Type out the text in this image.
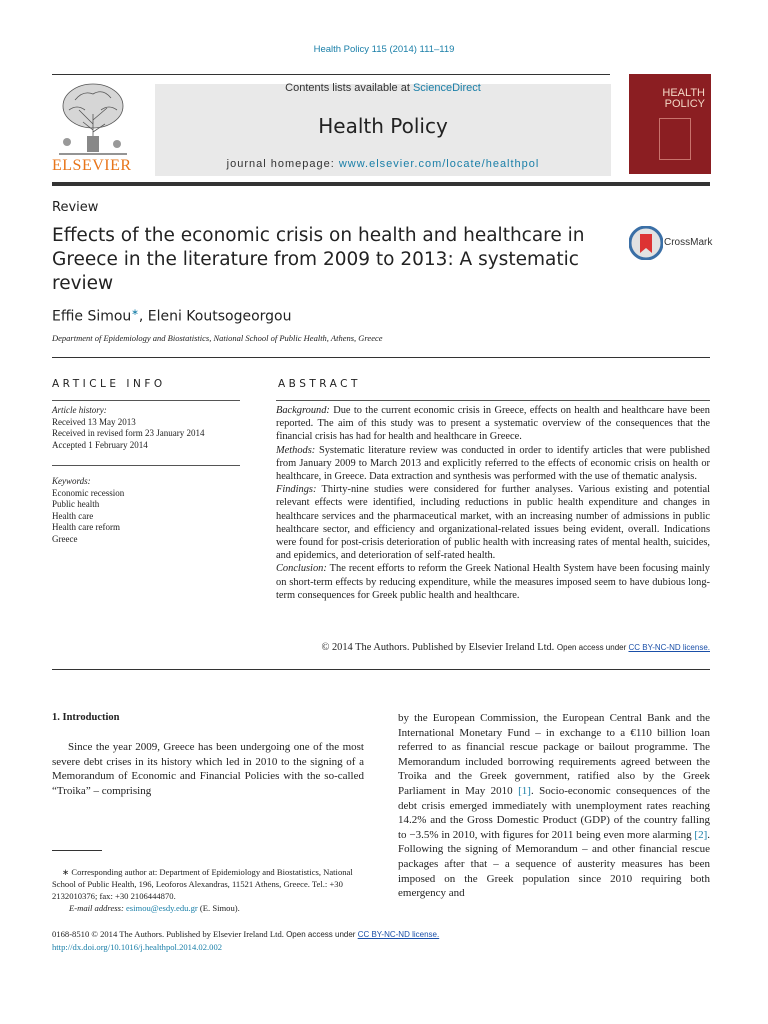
Health Policy 115 (2014) 111–119
ELSEVIER
Contents lists available at ScienceDirect
Health Policy
journal homepage: www.elsevier.com/locate/healthpol
HEALTH
POLICY
Review
Effects of the economic crisis on health and healthcare in Greece in the literature from 2009 to 2013: A systematic review
CrossMark
Effie Simou∗, Eleni Koutsogeorgou
Department of Epidemiology and Biostatistics, National School of Public Health, Athens, Greece
ARTICLE INFO
Article history:
Received 13 May 2013
Received in revised form 23 January 2014
Accepted 1 February 2014
Keywords:
Economic recession
Public health
Health care
Health care reform
Greece
ABSTRACT

Background: Due to the current economic crisis in Greece, effects on health and healthcare have been reported. The aim of this study was to present a systematic overview of the consequences that the financial crisis has had for health and healthcare in Greece.

Methods: Systematic literature review was conducted in order to identify articles that were published from January 2009 to March 2013 and explicitly referred to the effects of economic crisis on health or healthcare, in Greece. Data extraction and synthesis was performed with the use of thematic analysis.

Findings: Thirty-nine studies were considered for further analyses. Various existing and potential relevant effects were identified, including reductions in public health expenditure and changes in healthcare services and the pharmaceutical market, with an increasing number of admissions in public healthcare sector, and efficiency and organizational-related issues being evident, overall. Indications were found for post-crisis deterioration of public health with increasing rates of mental health, suicides, and epidemics, and deterioration of self-rated health.

Conclusion: The recent efforts to reform the Greek National Health System have been focusing mainly on short-term effects by reducing expenditure, while the measures imposed seem to have dubious long-term consequences for Greek public health and healthcare.

© 2014 The Authors. Published by Elsevier Ireland Ltd. Open access under CC BY-NC-ND license.
1. Introduction
Since the year 2009, Greece has been undergoing one of the most severe debt crises in its history which led in 2010 to the signing of a Memorandum of Economic and Financial Policies with the so-called “Troika” – comprising
by the European Commission, the European Central Bank and the International Monetary Fund – in exchange to a €110 billion loan referred to as financial rescue package or bailout programme. The Memorandum included borrowing requirements agreed between the Troika and the Greek government, ratified also by the Greek Parliament in May 2010 [1]. Socio-economic consequences of the debt crisis emerged immediately with unemployment rates reaching 14.2% and the Gross Domestic Product (GDP) of the country falling to −3.5% in 2010, with figures for 2011 being even more alarming [2]. Following the signing of Memorandum – and other financial rescue packages after that – a sequence of austerity measures has been imposed on the Greek population since 2010 requiring both emergency and
∗ Corresponding author at: Department of Epidemiology and Biostatistics, National School of Public Health, 196, Leoforos Alexandras, 11521 Athens, Greece. Tel.: +30 2132010376; fax: +30 2106444870.
E-mail address: esimou@esdy.edu.gr (E. Simou).
0168-8510 © 2014 The Authors. Published by Elsevier Ireland Ltd. Open access under CC BY-NC-ND license.
http://dx.doi.org/10.1016/j.healthpol.2014.02.002
